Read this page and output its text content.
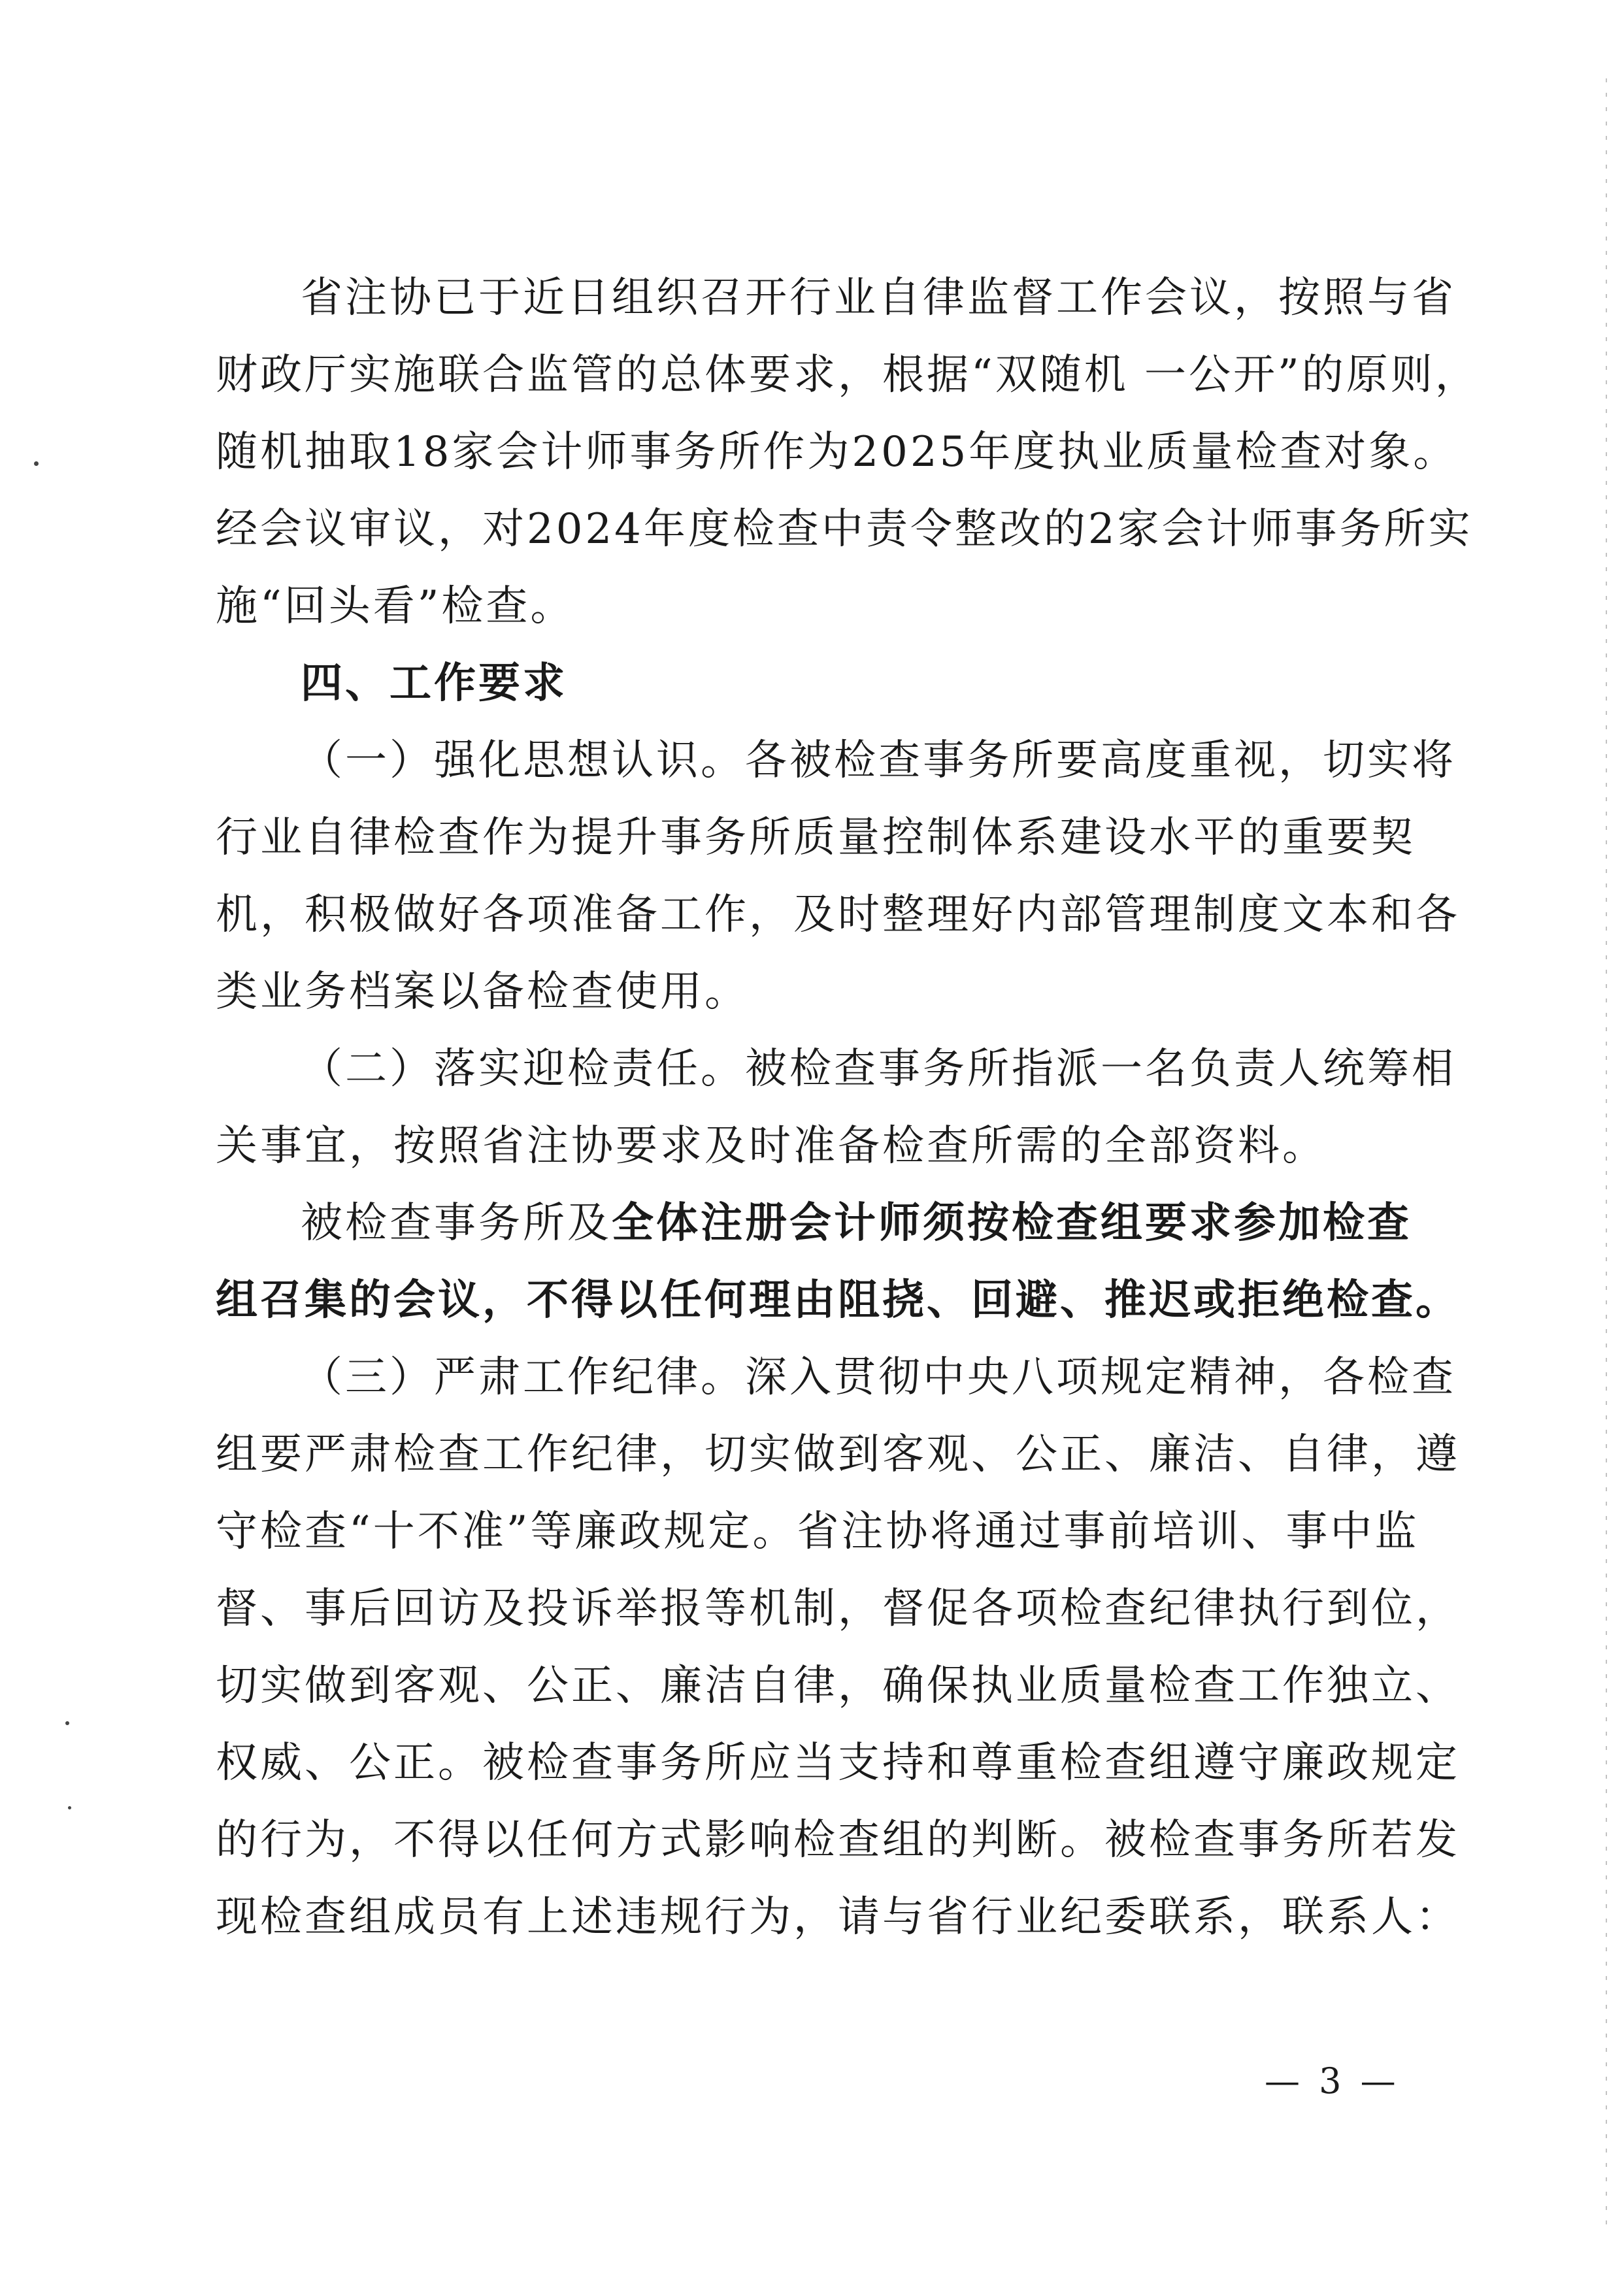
省注协已于近日组织召开行业自律监督工作会议，按照与省
财政厅实施联合监管的总体要求，根据“双随机 一公开”的原则，
随机抽取18家会计师事务所作为2025年度执业质量检查对象。
经会议审议，对2024年度检查中责令整改的2家会计师事务所实
施“回头看”检查。
四、工作要求
（一）强化思想认识。各被检查事务所要高度重视，切实将
行业自律检查作为提升事务所质量控制体系建设水平的重要契
机，积极做好各项准备工作，及时整理好内部管理制度文本和各
类业务档案以备检查使用。
（二）落实迎检责任。被检查事务所指派一名负责人统筹相
关事宜，按照省注协要求及时准备检查所需的全部资料。
被检查事务所及全体注册会计师须按检查组要求参加检查
组召集的会议，不得以任何理由阻挠、回避、推迟或拒绝检查。
（三）严肃工作纪律。深入贯彻中央八项规定精神，各检查
组要严肃检查工作纪律，切实做到客观、公正、廉洁、自律，遵
守检查“十不准”等廉政规定。省注协将通过事前培训、事中监
督、事后回访及投诉举报等机制，督促各项检查纪律执行到位，
切实做到客观、公正、廉洁自律，确保执业质量检查工作独立、
权威、公正。被检查事务所应当支持和尊重检查组遵守廉政规定
的行为，不得以任何方式影响检查组的判断。被检查事务所若发
现检查组成员有上述违规行为，请与省行业纪委联系，联系人：
— 3 —
